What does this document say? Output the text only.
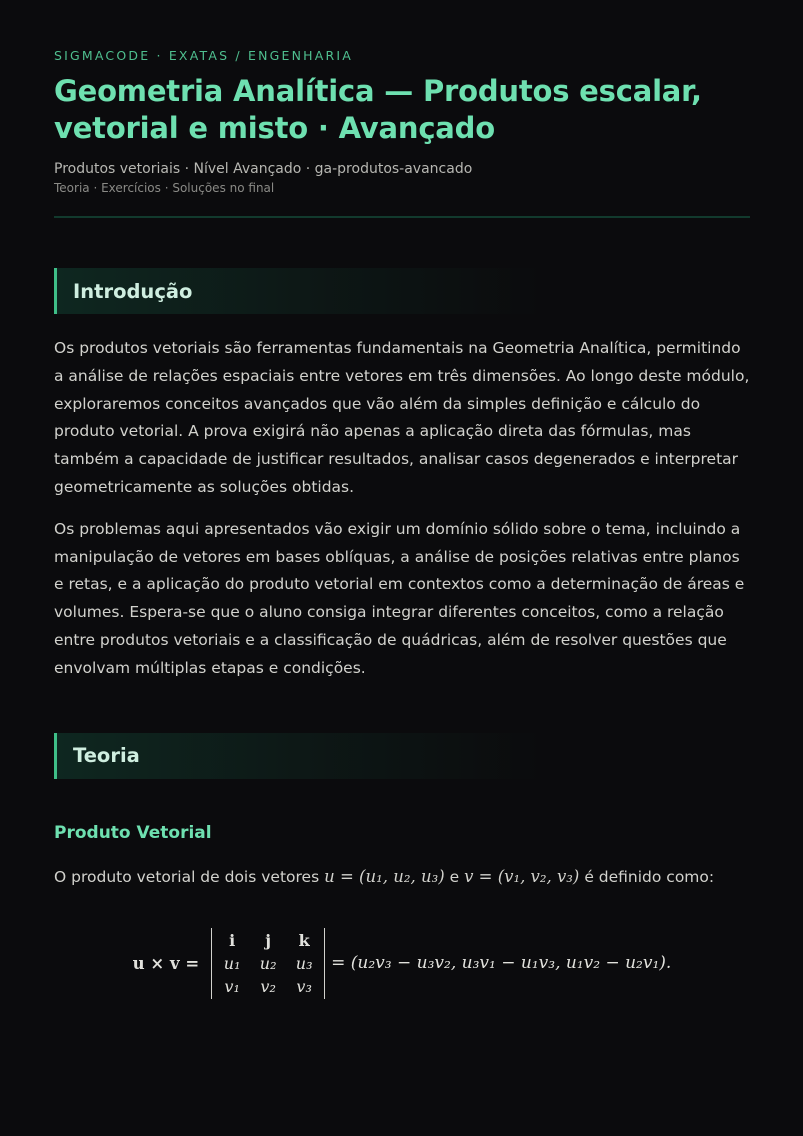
SIGMACODE · EXATAS / ENGENHARIA

Geometria Analítica — Produtos escalar, vetorial e misto · Avançado

Produtos vetoriais · Nível Avançado · ga-produtos-avancado

Teoria · Exercícios · Soluções no final

Introdução

Os produtos vetoriais são ferramentas fundamentais na Geometria Analítica, permitindo a análise de relações espaciais entre vetores em três dimensões. Ao longo deste módulo, exploraremos conceitos avançados que vão além da simples definição e cálculo do produto vetorial. A prova exigirá não apenas a aplicação direta das fórmulas, mas também a capacidade de justificar resultados, analisar casos degenerados e interpretar geometricamente as soluções obtidas.

Os problemas aqui apresentados vão exigir um domínio sólido sobre o tema, incluindo a manipulação de vetores em bases oblíquas, a análise de posições relativas entre planos e retas, e a aplicação do produto vetorial em contextos como a determinação de áreas e volumes. Espera-se que o aluno consiga integrar diferentes conceitos, como a relação entre produtos vetoriais e a classificação de quádricas, além de resolver questões que envolvam múltiplas etapas e condições.

Teoria
Produto Vetorial
O produto vetorial de dois vetores u = (u₁, u₂, u₃) e v = (v₁, v₂, v₃) é definido como:
u × v =
i j k
u₁ u₂ u₃
v₁ v₂ v₃
= (u₂v₃ − u₃v₂, u₃v₁ − u₁v₃, u₁v₂ − u₂v₁).
